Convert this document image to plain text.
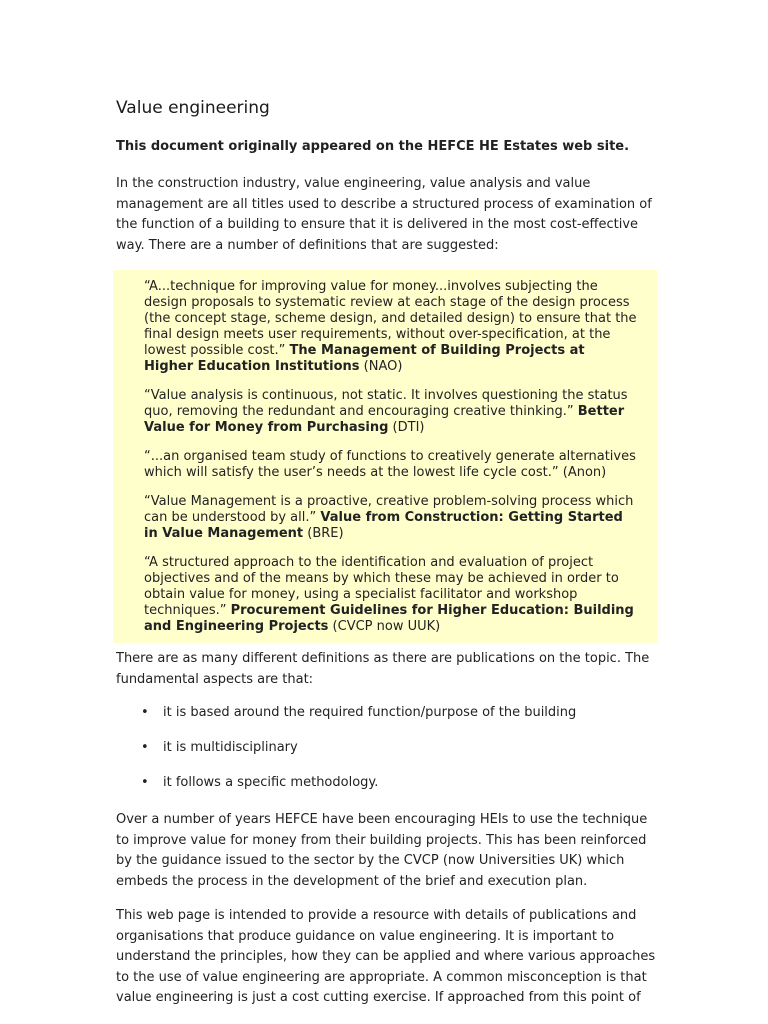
Value engineering
This document originally appeared on the HEFCE HE Estates web site.

In the construction industry, value engineering, value analysis and value management are all titles used to describe a structured process of examination of the function of a building to ensure that it is delivered in the most cost-effective way. There are a number of definitions that are suggested:

“A...technique for improving value for money...involves subjecting the design proposals to systematic review at each stage of the design process (the concept stage, scheme design, and detailed design) to ensure that the final design meets user requirements, without over-specification, at the lowest possible cost.” The Management of Building Projects at Higher Education Institutions (NAO)

“Value analysis is continuous, not static. It involves questioning the status quo, removing the redundant and encouraging creative thinking.” Better Value for Money from Purchasing (DTI)

“...an organised team study of functions to creatively generate alternatives which will satisfy the user’s needs at the lowest life cycle cost.” (Anon)

“Value Management is a proactive, creative problem-solving process which can be understood by all.” Value from Construction: Getting Started in Value Management (BRE)

“A structured approach to the identification and evaluation of project objectives and of the means by which these may be achieved in order to obtain value for money, using a specialist facilitator and workshop techniques.” Procurement Guidelines for Higher Education: Building and Engineering Projects (CVCP now UUK)

There are as many different definitions as there are publications on the topic. The fundamental aspects are that:

• it is based around the required function/purpose of the building
• it is multidisciplinary
• it follows a specific methodology.

Over a number of years HEFCE have been encouraging HEIs to use the technique to improve value for money from their building projects. This has been reinforced by the guidance issued to the sector by the CVCP (now Universities UK) which embeds the process in the development of the brief and execution plan.

This web page is intended to provide a resource with details of publications and organisations that produce guidance on value engineering. It is important to understand the principles, how they can be applied and where various approaches to the use of value engineering are appropriate. A common misconception is that value engineering is just a cost cutting exercise. If approached from this point of
